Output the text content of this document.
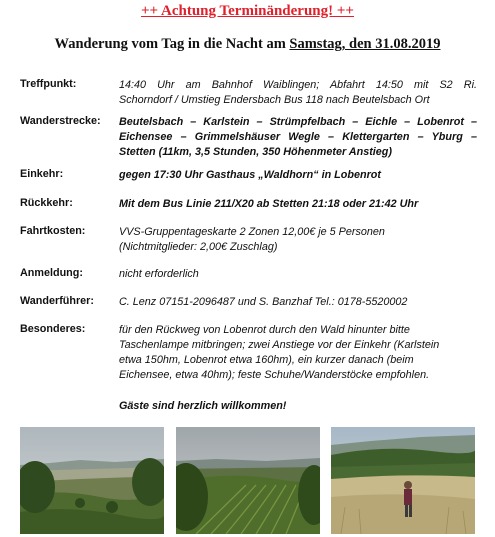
++ Achtung Terminänderung! ++
Wanderung vom Tag in die Nacht am Samstag, den 31.08.2019
Treffpunkt:	14:40 Uhr am Bahnhof Waiblingen; Abfahrt 14:50 mit S2 Ri.
Schorndorf / Umstieg Endersbach Bus 118 nach Beutelsbach Ort
Wanderstrecke:	Beutelsbach – Karlstein – Strümpfelbach – Eichle – Lobenrot –
Eichensee – Grimmelshäuser Wegle – Klettergarten – Yburg –
Stetten (11km, 3,5 Stunden, 350 Höhenmeter Anstieg)
Einkehr:	gegen 17:30 Uhr Gasthaus „Waldhorn“ in Lobenrot
Rückkehr:	Mit dem Bus Linie 211/X20 ab Stetten 21:18 oder 21:42 Uhr
Fahrtkosten:	VVS-Gruppentageskarte 2 Zonen 12,00€ je 5 Personen
(Nichtmitglieder: 2,00€ Zuschlag)
Anmeldung:	nicht erforderlich
Wanderführer:	C. Lenz 07151-2096487 und S. Banzhaf Tel.: 0178-5520002
Besonderes:	für den Rückweg von Lobenrot durch den Wald hinunter bitte
Taschenlampe mitbringen; zwei Anstiege vor der Einkehr (Karlstein
etwa 150hm, Lobenrot etwa 160hm), ein kurzer danach (beim
Eichensee, etwa 40hm); feste Schuhe/Wanderstöcke empfohlen.
Gäste sind herzlich willkommen!
